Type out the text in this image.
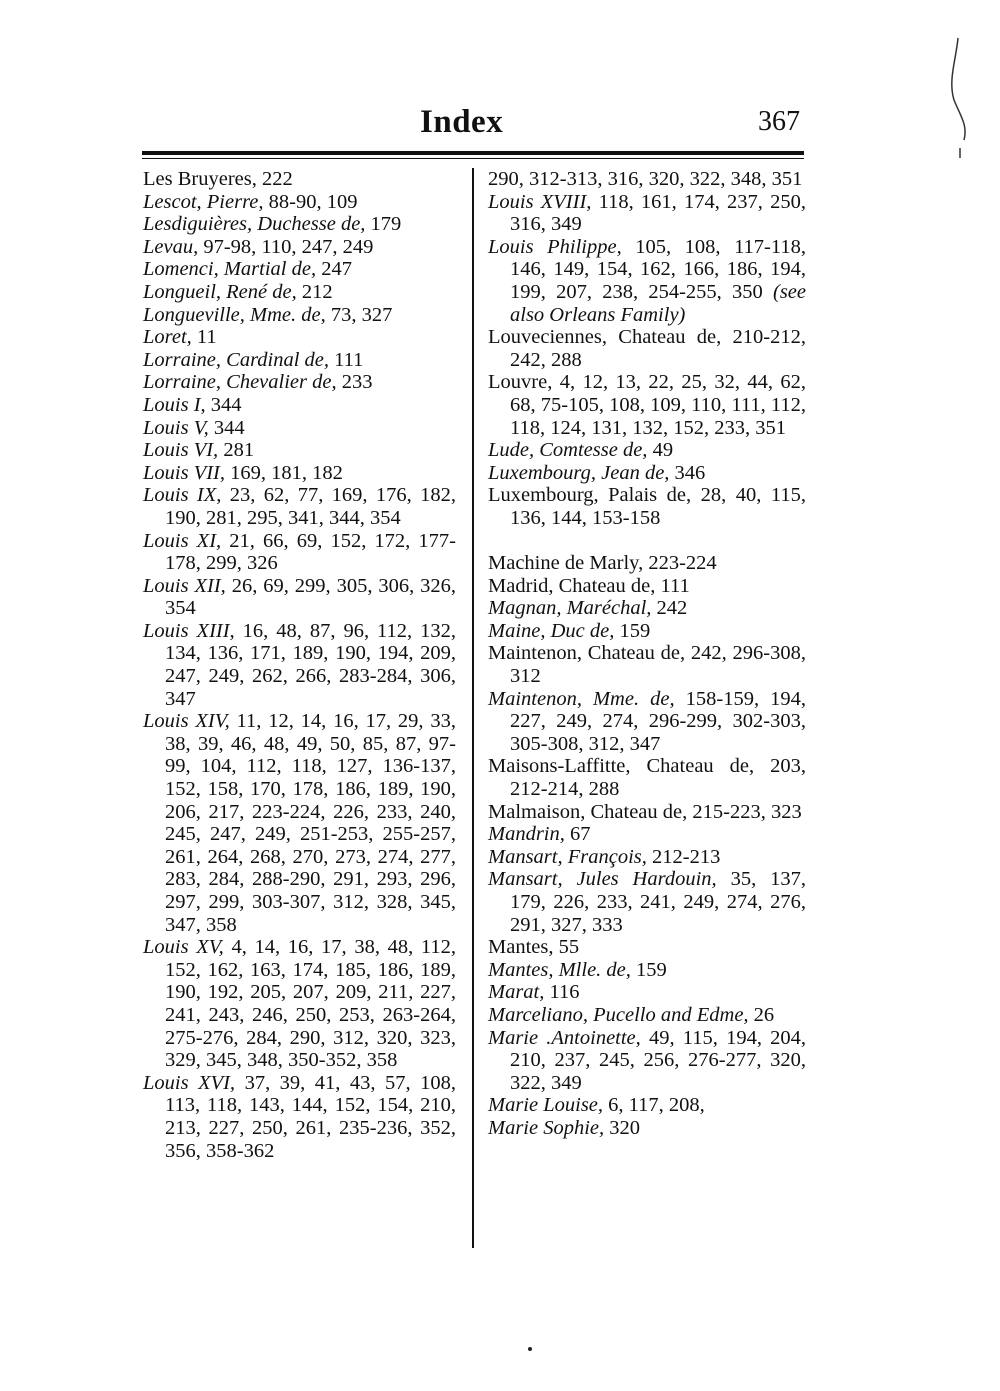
Index	367
Les Bruyeres, 222
Lescot, Pierre, 88-90, 109
Lesdiguières, Duchesse de, 179
Levau, 97-98, 110, 247, 249
Lomenci, Martial de, 247
Longueil, René de, 212
Longueville, Mme. de, 73, 327
Loret, 11
Lorraine, Cardinal de, 111
Lorraine, Chevalier de, 233
Louis I, 344
Louis V, 344
Louis VI, 281
Louis VII, 169, 181, 182
Louis IX, 23, 62, 77, 169, 176, 182, 190, 281, 295, 341, 344, 354
Louis XI, 21, 66, 69, 152, 172, 177-178, 299, 326
Louis XII, 26, 69, 299, 305, 306, 326, 354
Louis XIII, 16, 48, 87, 96, 112, 132, 134, 136, 171, 189, 190, 194, 209, 247, 249, 262, 266, 283-284, 306, 347
Louis XIV, 11, 12, 14, 16, 17, 29, 33, 38, 39, 46, 48, 49, 50, 85, 87, 97-99, 104, 112, 118, 127, 136-137, 152, 158, 170, 178, 186, 189, 190, 206, 217, 223-224, 226, 233, 240, 245, 247, 249, 251-253, 255-257, 261, 264, 268, 270, 273, 274, 277, 283, 284, 288-290, 291, 293, 296, 297, 299, 303-307, 312, 328, 345, 347, 358
Louis XV, 4, 14, 16, 17, 38, 48, 112, 152, 162, 163, 174, 185, 186, 189, 190, 192, 205, 207, 209, 211, 227, 241, 243, 246, 250, 253, 263-264, 275-276, 284, 290, 312, 320, 323, 329, 345, 348, 350-352, 358
Louis XVI, 37, 39, 41, 43, 57, 108, 113, 118, 143, 144, 152, 154, 210, 213, 227, 250, 261, 235-236, 352, 356, 358-362
290, 312-313, 316, 320, 322, 348, 351
Louis XVIII, 118, 161, 174, 237, 250, 316, 349
Louis Philippe, 105, 108, 117-118, 146, 149, 154, 162, 166, 186, 194, 199, 207, 238, 254-255, 350 (see also Orleans Family)
Louveciennes, Chateau de, 210-212, 242, 288
Louvre, 4, 12, 13, 22, 25, 32, 44, 62, 68, 75-105, 108, 109, 110, 111, 112, 118, 124, 131, 132, 152, 233, 351
Lude, Comtesse de, 49
Luxembourg, Jean de, 346
Luxembourg, Palais de, 28, 40, 115, 136, 144, 153-158
Machine de Marly, 223-224
Madrid, Chateau de, 111
Magnan, Maréchal, 242
Maine, Duc de, 159
Maintenon, Chateau de, 242, 296-308, 312
Maintenon, Mme. de, 158-159, 194, 227, 249, 274, 296-299, 302-303, 305-308, 312, 347
Maisons-Laffitte, Chateau de, 203, 212-214, 288
Malmaison, Chateau de, 215-223, 323
Mandrin, 67
Mansart, François, 212-213
Mansart, Jules Hardouin, 35, 137, 179, 226, 233, 241, 249, 274, 276, 291, 327, 333
Mantes, 55
Mantes, Mlle. de, 159
Marat, 116
Marceliano, Pucello and Edme, 26
Marie .Antoinette, 49, 115, 194, 204, 210, 237, 245, 256, 276-277, 320, 322, 349
Marie Louise, 6, 117, 208,
Marie Sophie, 320
